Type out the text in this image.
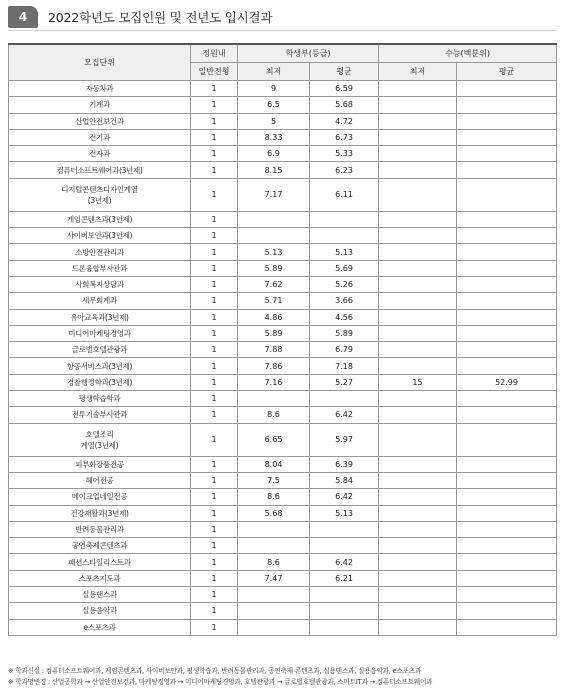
4	2022학년도 모집인원 및 전년도 입시결과
모집단위	정원내	학생부(등급)		수능(백분위)	
	일반전형	최저	평균	최저	평균

자동차과	1	9	6.59		

기계과	1	6.5	5.68		

산업안전보건과	1	5	4.72		

전기과	1	8.33	6.73		

전자과	1	6.9	5.33		

컴퓨터소프트웨어과(3년제)	1	8.15	6.23		

디지털콘텐츠디자인계열
(3년제)	1	7.17	6.11		

게임콘텐츠과(3년제)	1				

사이버보안과(3년제)	1				

소방안전관리과	1	5.13	5.13		

드론융합부사관과	1	5.89	5.69		

사회복지상담과	1	7.62	5.26		

세무회계과	1	5.71	3.66		

유아교육과(3년제)	1	4.86	4.56		

미디어마케팅경영과	1	5.89	5.89		

글로벌호텔관광과	1	7.88	6.79		

항공서비스과(3년제)	1	7.86	7.18		

경찰행정학과(3년제)	1	7.16	5.27	15	52.99

평생학습학과	1				

전투기술부사관과	1	8.6	6.42		

호텔조리
계열(3년제)	1	6.65	5.97		

피부화장품전공	1	8.04	6.39		

헤어전공	1	7.5	5.84		

메이크업네일전공	1	8.6	6.42		

건강재활과(3년제)	1	5.68	5.13		

반려동물관리과	1				

공연축제콘텐츠과	1				

패션스타일리스트과	1	8.6	6.42		

스포츠지도과	1	7.47	6.21		

실용댄스과	1				

실용음악과	1				

e스포츠과	1				
※ 학과신설 : 컴퓨터소프트웨어과, 게임콘텐츠과, 사이버보안과, 평생학습과, 반려동물관리과, 공연축제 콘텐츠과, 실용댄스과, 실용음악과, e스포츠과
※ 학과명변경 : 산업공학과 → 산업안전보건과, 마케팅경영과 → 미디어마케팅경영과, 호텔관광과 → 글로벌호텔관광과, 스마트IT과 → 컴퓨터소프트웨어과
